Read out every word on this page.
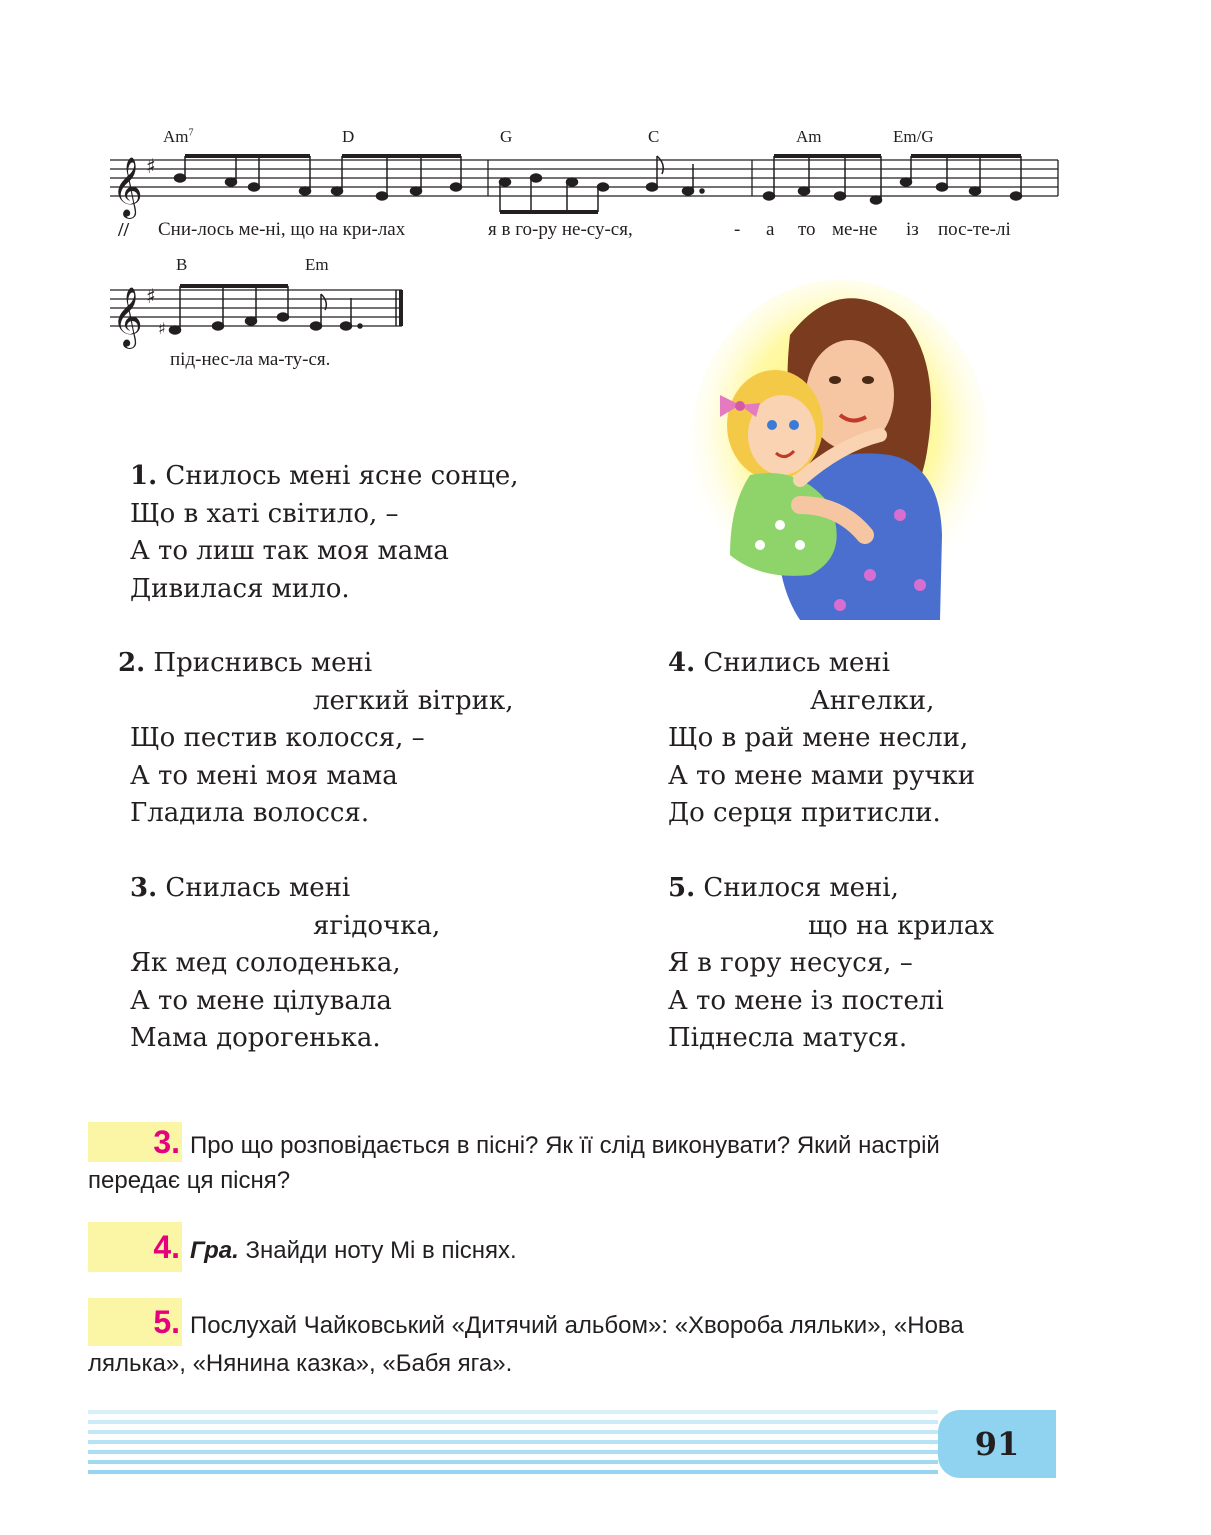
Am$^7$	D	G	C	Am	Em/G
𝄞 ♯
// Сни-лось ме-ні, що на кри-лах	я в го-ру не-су-ся,	- а то ме-не із пос-те-лі
B	Em
𝄞 ♯
♯
під-нес-ла ма-ту-ся.
1. Снилось мені ясне сонце,
Що в хаті світило, –
А то лиш так моя мама
Дивилася мило.
2. Приснивсь мені
легкий вітрик,
Що пестив колосся, –
А то мені моя мама
Гладила волосся.
3. Снилась мені
ягідочка,
Як мед солоденька,
А то мене цілувала
Мама дорогенька.
4. Снились мені
Ангелки,
Що в рай мене несли,
А то мене мами ручки
До серця притисли.
5. Снилося мені,
що на крилах
Я в гору несуся, –
А то мене із постелі
Піднесла матуся.
3. Про що розповідається в пісні? Як її слід виконувати? Який настрій
передає ця пісня?
4. Гра. Знайди ноту Мі в піснях.
5. Послухай Чайковський «Дитячий альбом»: «Хвороба ляльки», «Нова
лялька», «Нянина казка», «Бабя яга».
91
